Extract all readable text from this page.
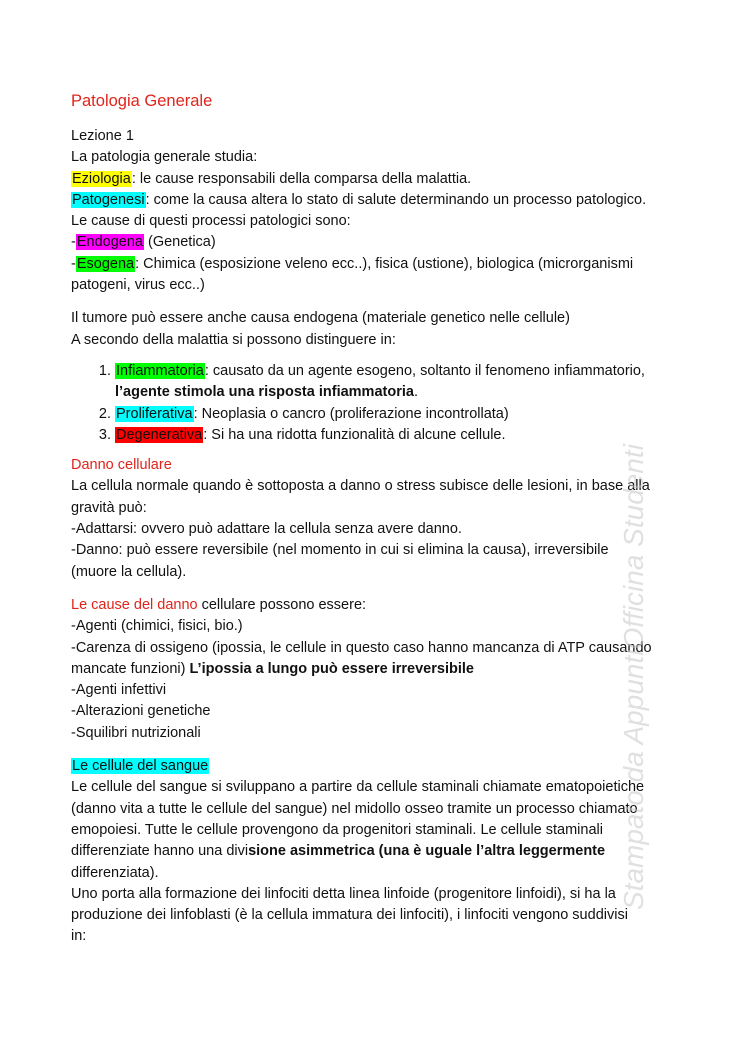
Patologia Generale
Lezione 1
La patologia generale studia:
Eziologia: le cause responsabili della comparsa della malattia.
Patogenesi: come la causa altera lo stato di salute determinando un processo patologico.
Le cause di questi processi patologici sono:
-Endogena (Genetica)
-Esogena: Chimica (esposizione veleno ecc..), fisica (ustione), biologica (microrganismi
patogeni, virus ecc..)
Il tumore può essere anche causa endogena (materiale genetico nelle cellule)
A secondo della malattia si possono distinguere in:
1. Infiammatoria: causato da un agente esogeno, soltanto il fenomeno infiammatorio,
l’agente stimola una risposta infiammatoria.
2. Proliferativa: Neoplasia o cancro (proliferazione incontrollata)
3. Degenerativa: Si ha una ridotta funzionalità di alcune cellule.
Danno cellulare
La cellula normale quando è sottoposta a danno o stress subisce delle lesioni, in base alla
gravità può:
-Adattarsi: ovvero può adattare la cellula senza avere danno.
-Danno: può essere reversibile (nel momento in cui si elimina la causa), irreversibile
(muore la cellula).
Le cause del danno cellulare possono essere:
-Agenti (chimici, fisici, bio.)
-Carenza di ossigeno (ipossia, le cellule in questo caso hanno mancanza di ATP causando
mancate funzioni) L’ipossia a lungo può essere irreversibile
-Agenti infettivi
-Alterazioni genetiche
-Squilibri nutrizionali
Le cellule del sangue
Le cellule del sangue si sviluppano a partire da cellule staminali chiamate ematopoietiche
(danno vita a tutte le cellule del sangue) nel midollo osseo tramite un processo chiamato
emopoiesi. Tutte le cellule provengono da progenitori staminali. Le cellule staminali
differenziate hanno una divisione asimmetrica (una è uguale l’altra leggermente
differenziata).
Uno porta alla formazione dei linfociti detta linea linfoide (progenitore linfoidi), si ha la
produzione dei linfoblasti (è la cellula immatura dei linfociti), i linfociti vengono suddivisi
in:
Stampato da AppuntiOfficina Studenti
